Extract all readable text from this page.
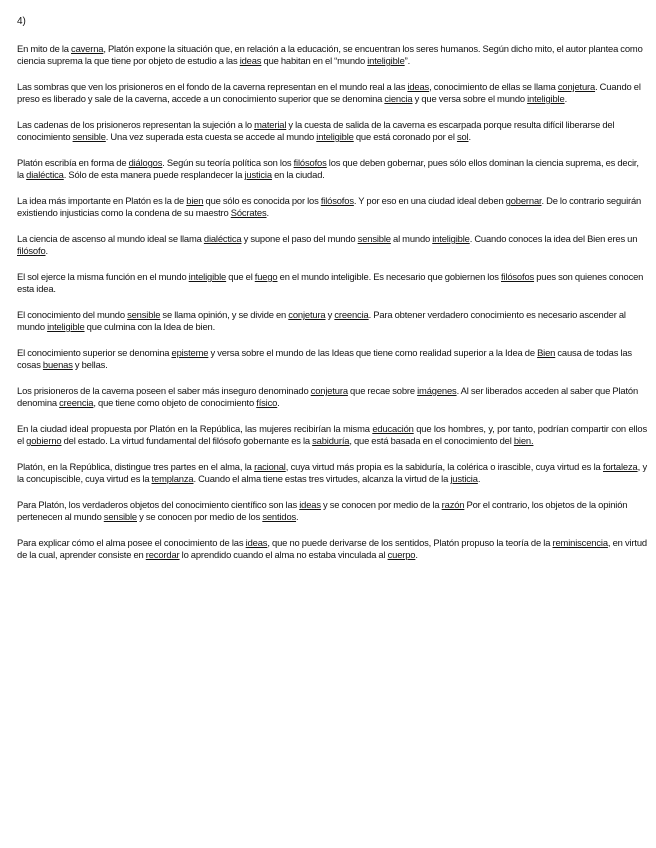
4)

En mito de la caverna, Platón expone la situación que, en relación a la educación, se encuentran los seres humanos. Según dicho mito, el autor plantea como ciencia suprema la que tiene por objeto de estudio a las ideas que habitan en el “mundo inteligible”.

Las sombras que ven los prisioneros en el fondo de la caverna representan en el mundo real a las ideas, conocimiento de ellas se llama conjetura. Cuando el preso es liberado y sale de la caverna, accede a un conocimiento superior que se denomina ciencia y que versa sobre el mundo inteligible.

Las cadenas de los prisioneros representan la sujeción a lo material y la cuesta de salida de la caverna es escarpada porque resulta difícil liberarse del conocimiento sensible. Una vez superada esta cuesta se accede al mundo inteligible que está coronado por el sol.

Platón escribía en forma de diálogos. Según su teoría política son los filósofos los que deben gobernar, pues sólo ellos dominan la ciencia suprema, es decir, la dialéctica. Sólo de esta manera puede resplandecer la justicia en la ciudad.

La idea más importante en Platón es la de bien que sólo es conocida por los filósofos. Y por eso en una ciudad ideal deben gobernar. De lo contrario seguirán existiendo injusticias como la condena de su maestro Sócrates.

La ciencia de ascenso al mundo ideal se llama dialéctica y supone el paso del mundo sensible al mundo inteligible. Cuando conoces la idea del Bien eres un filósofo.

El sol ejerce la misma función en el mundo inteligible que el fuego en el mundo inteligible. Es necesario que gobiernen los filósofos pues son quienes conocen esta idea.

El conocimiento del mundo sensible se llama opinión, y se divide en conjetura y creencia. Para obtener verdadero conocimiento es necesario ascender al mundo inteligible que culmina con la Idea de bien.

El conocimiento superior se denomina episteme y versa sobre el mundo de las Ideas que tiene como realidad superior a la Idea de Bien causa de todas las cosas buenas y bellas.

Los prisioneros de la caverna poseen el saber más inseguro denominado conjetura que recae sobre imágenes. Al ser liberados acceden al saber que Platón denomina creencia, que tiene como objeto de conocimiento físico.

En la ciudad ideal propuesta por Platón en la República, las mujeres recibirían la misma educación que los hombres, y, por tanto, podrían compartir con ellos el gobierno del estado. La virtud fundamental del filósofo gobernante es la sabiduría, que está basada en el conocimiento del bien.

Platón, en la República, distingue tres partes en el alma, la racional, cuya virtud más propia es la sabiduría, la colérica o irascible, cuya virtud es la fortaleza, y la concupiscible, cuya virtud es la templanza. Cuando el alma tiene estas tres virtudes, alcanza la virtud de la justicia.

Para Platón, los verdaderos objetos del conocimiento científico son las ideas y se conocen por medio de la razón Por el contrario, los objetos de la opinión pertenecen al mundo sensible y se conocen por medio de los sentidos.

Para explicar cómo el alma posee el conocimiento de las ideas, que no puede derivarse de los sentidos, Platón propuso la teoría de la reminiscencia, en virtud de la cual, aprender consiste en recordar lo aprendido cuando el alma no estaba vinculada al cuerpo.
